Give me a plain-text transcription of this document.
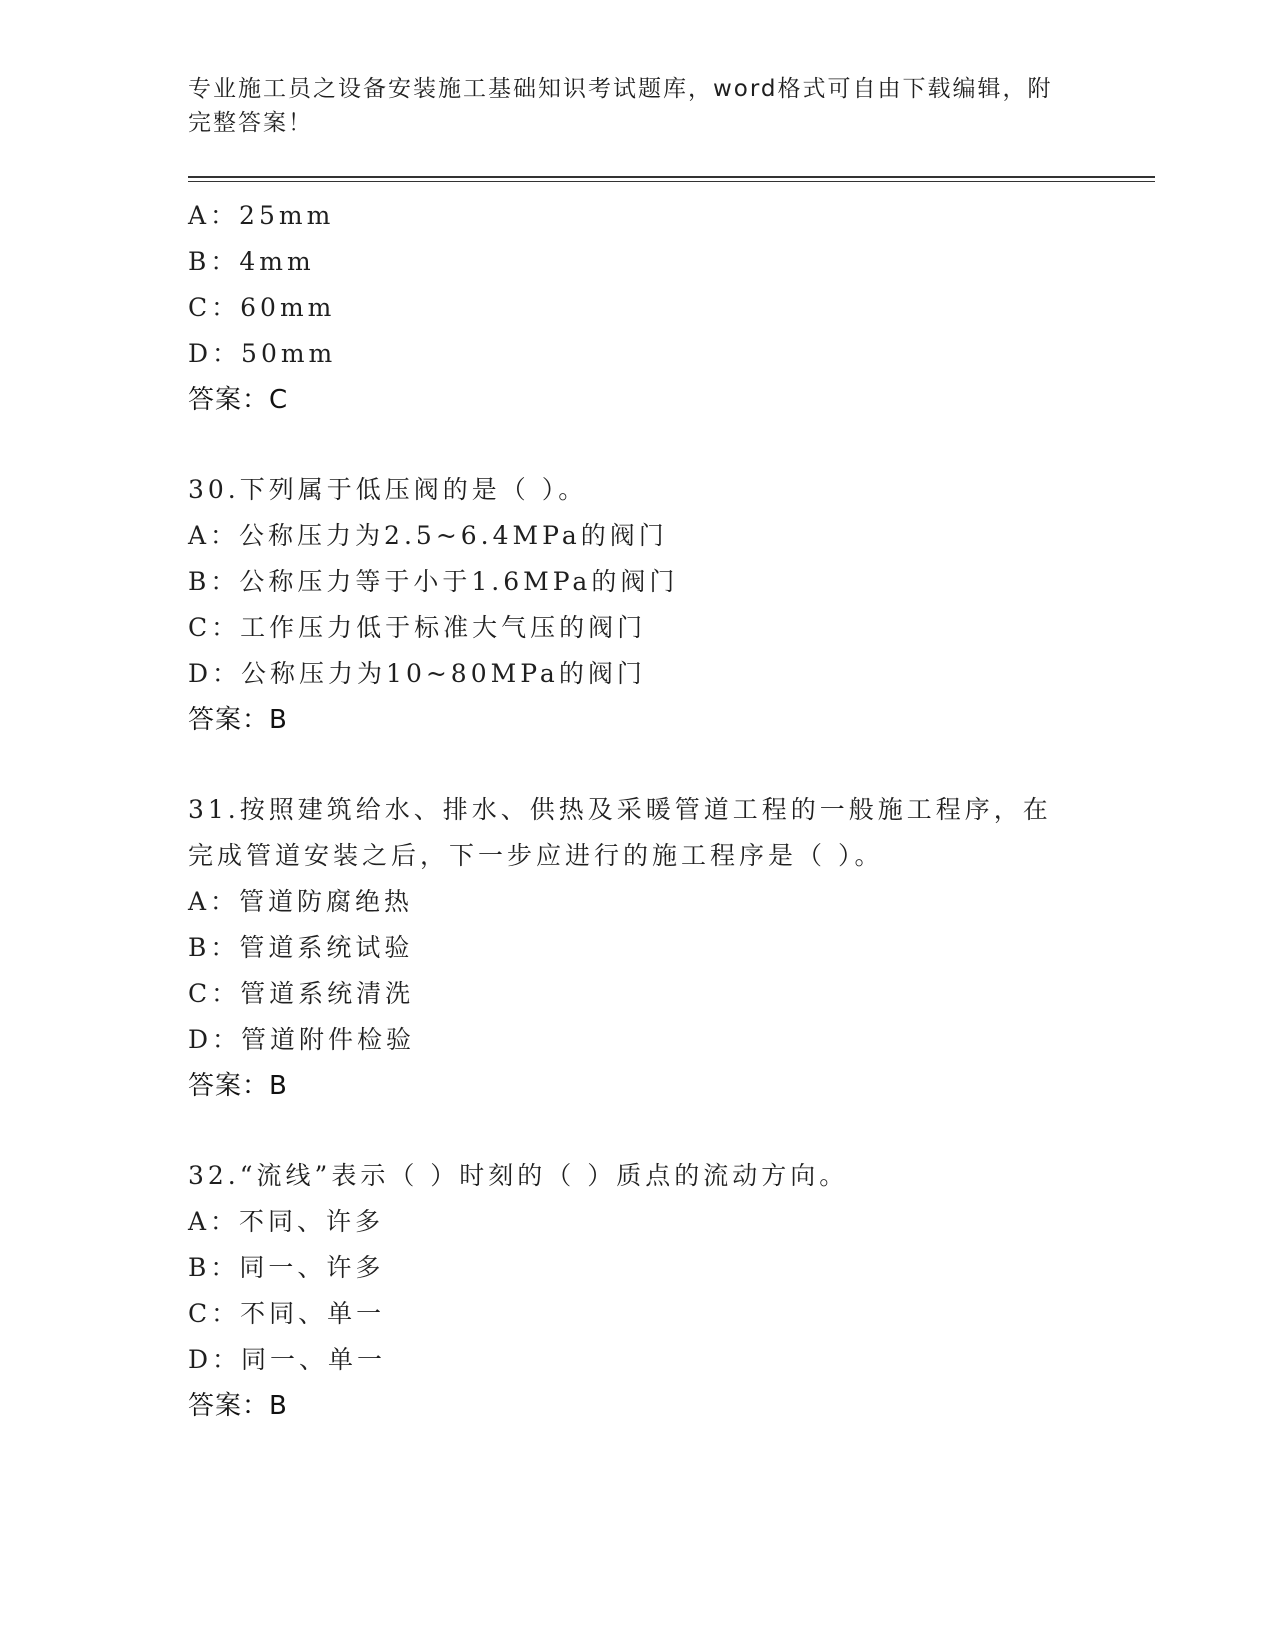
专业施工员之设备安装施工基础知识考试题库，word格式可自由下载编辑，附完整答案！
A：25mm
B：4mm
C：60mm
D：50mm
答案：C
30.下列属于低压阀的是（ ）。
A：公称压力为2.5~6.4MPa的阀门
B：公称压力等于小于1.6MPa的阀门
C：工作压力低于标准大气压的阀门
D：公称压力为10~80MPa的阀门
答案：B
31.按照建筑给水、排水、供热及采暖管道工程的一般施工程序，在完成管道安装之后，下一步应进行的施工程序是（ ）。
A：管道防腐绝热
B：管道系统试验
C：管道系统清洗
D：管道附件检验
答案：B
32.“流线”表示（ ）时刻的（ ）质点的流动方向。
A：不同、许多
B：同一、许多
C：不同、单一
D：同一、单一
答案：B
